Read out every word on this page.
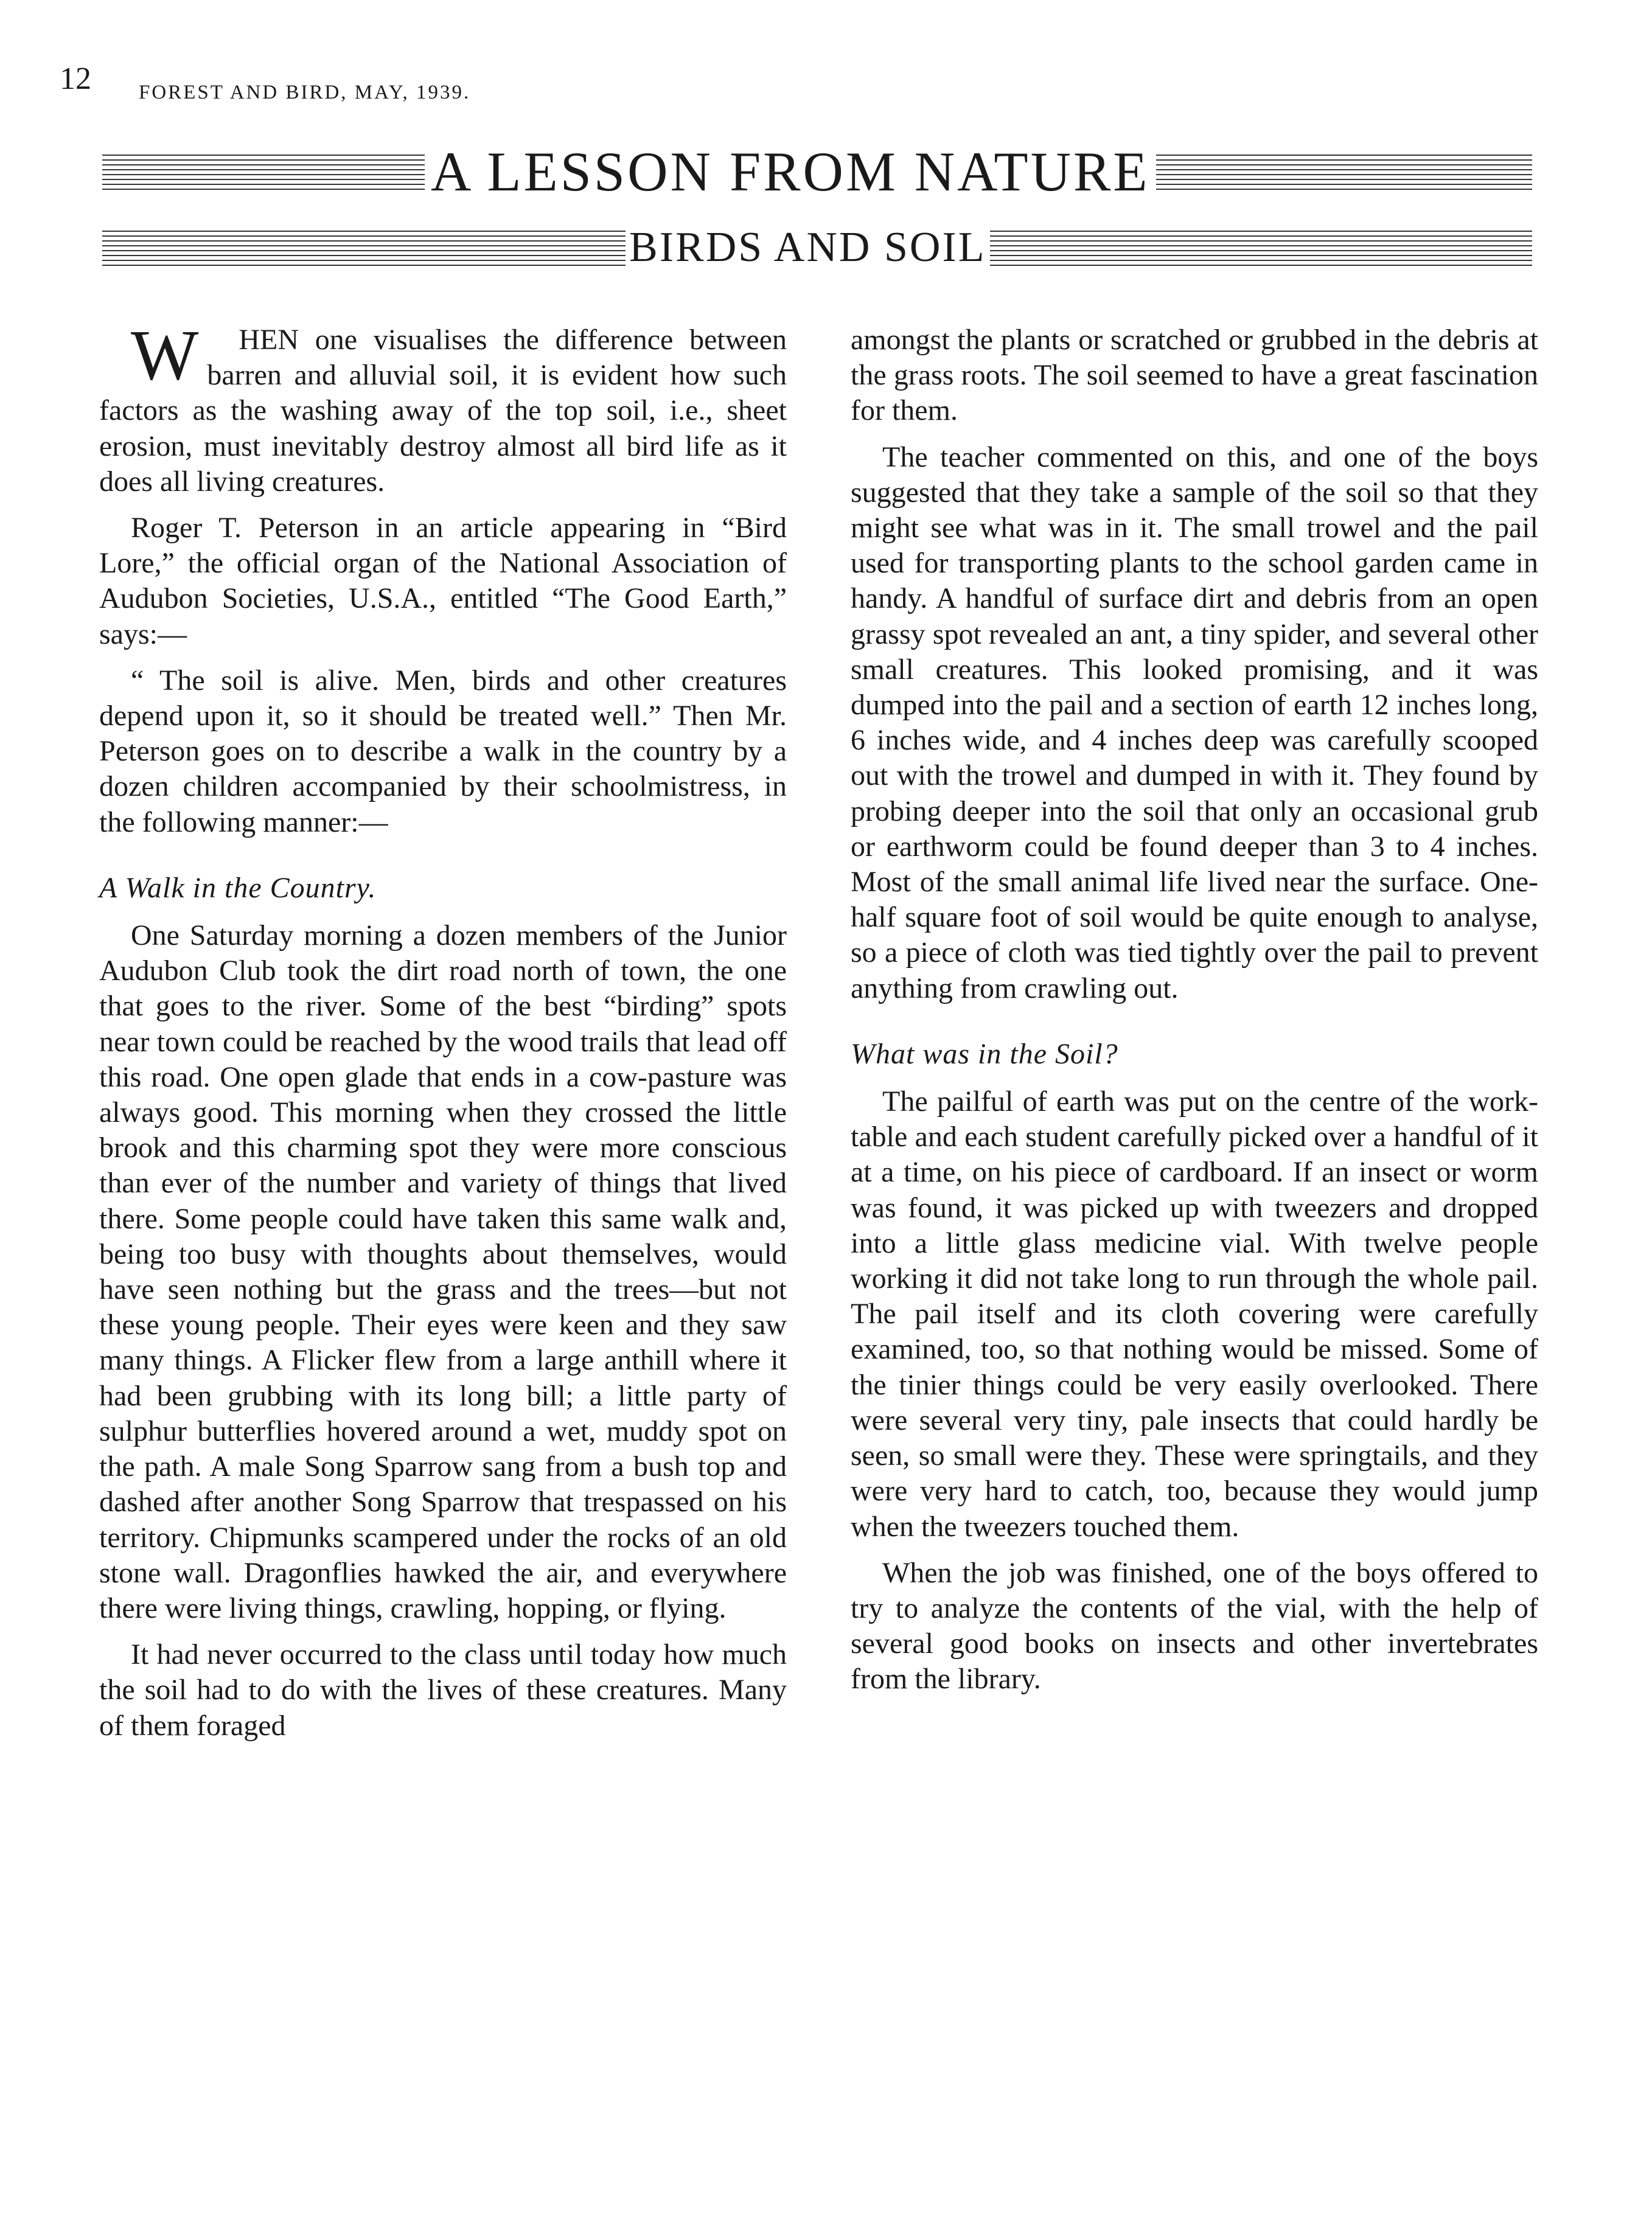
12 FOREST AND BIRD, MAY, 1939.
A LESSON FROM NATURE
BIRDS AND SOIL

W HEN one visualises the difference between barren and alluvial soil, it is evident how such factors as the washing away of the top soil, i.e., sheet erosion, must inevitably destroy almost all bird life as it does all living creatures.

Roger T. Peterson in an article appearing in “Bird Lore,” the official organ of the National Association of Audubon Societies, U.S.A., entitled “The Good Earth,” says:—

“ The soil is alive. Men, birds and other creatures depend upon it, so it should be treated well.” Then Mr. Peterson goes on to describe a walk in the country by a dozen children accompanied by their schoolmistress, in the following manner:—

A Walk in the Country.

One Saturday morning a dozen members of the Junior Audubon Club took the dirt road north of town, the one that goes to the river. Some of the best “birding” spots near town could be reached by the wood trails that lead off this road. One open glade that ends in a cow-pasture was always good. This morning when they crossed the little brook and this charming spot they were more conscious than ever of the number and variety of things that lived there. Some people could have taken this same walk and, being too busy with thoughts about themselves, would have seen nothing but the grass and the trees—but not these young people. Their eyes were keen and they saw many things. A Flicker flew from a large anthill where it had been grubbing with its long bill; a little party of sulphur butterflies hovered around a wet, muddy spot on the path. A male Song Sparrow sang from a bush top and dashed after another Song Sparrow that trespassed on his territory. Chipmunks scampered under the rocks of an old stone wall. Dragonflies hawked the air, and everywhere there were living things, crawling, hopping, or flying.

It had never occurred to the class until today how much the soil had to do with the lives of these creatures. Many of them foraged

amongst the plants or scratched or grubbed in the debris at the grass roots. The soil seemed to have a great fascination for them.

The teacher commented on this, and one of the boys suggested that they take a sample of the soil so that they might see what was in it. The small trowel and the pail used for transporting plants to the school garden came in handy. A handful of surface dirt and debris from an open grassy spot revealed an ant, a tiny spider, and several other small creatures. This looked promising, and it was dumped into the pail and a section of earth 12 inches long, 6 inches wide, and 4 inches deep was carefully scooped out with the trowel and dumped in with it. They found by probing deeper into the soil that only an occasional grub or earthworm could be found deeper than 3 to 4 inches. Most of the small animal life lived near the surface. One-half square foot of soil would be quite enough to analyse, so a piece of cloth was tied tightly over the pail to prevent anything from crawling out.

What was in the Soil?

The pailful of earth was put on the centre of the work-table and each student carefully picked over a handful of it at a time, on his piece of cardboard. If an insect or worm was found, it was picked up with tweezers and dropped into a little glass medicine vial. With twelve people working it did not take long to run through the whole pail. The pail itself and its cloth covering were carefully examined, too, so that nothing would be missed. Some of the tinier things could be very easily overlooked. There were several very tiny, pale insects that could hardly be seen, so small were they. These were springtails, and they were very hard to catch, too, because they would jump when the tweezers touched them.

When the job was finished, one of the boys offered to try to analyze the contents of the vial, with the help of several good books on insects and other invertebrates from the library.
